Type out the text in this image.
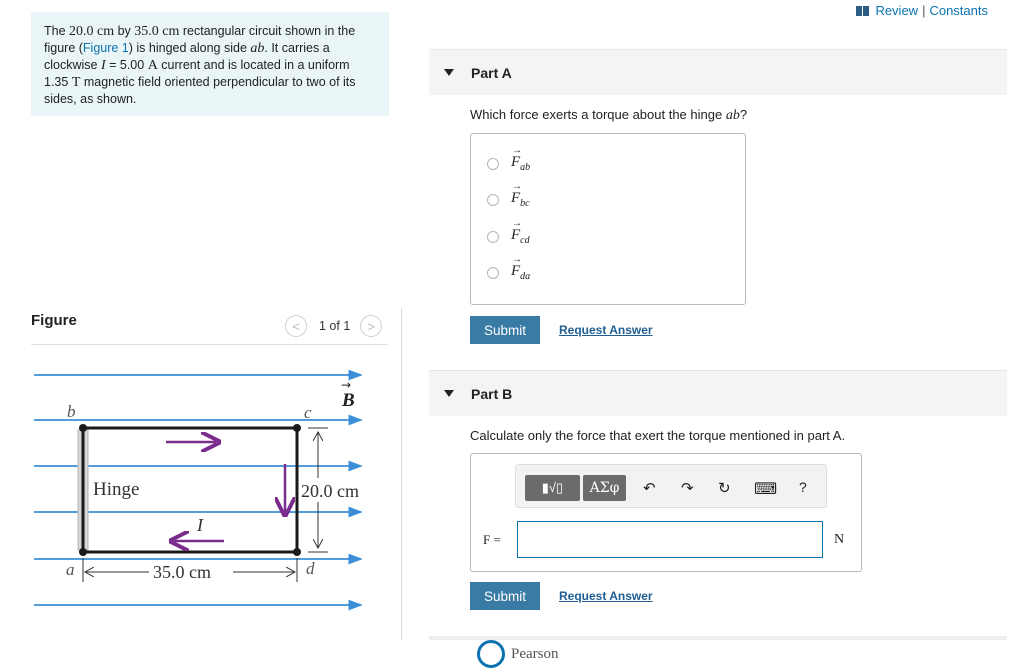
The 20.0 cm by 35.0 cm rectangular circuit shown in the figure (Figure 1) is hinged along side ab. It carries a clockwise I = 5.00 A current and is located in a uniform 1.35 T magnetic field oriented perpendicular to two of its sides, as shown.
Figure	< 1 of 1 >
b	c
a	d
B
→
Hinge
I
20.0 cm
35.0 cm
Review | Constants
Part A
Which force exerts a torque about the hinge ab?
→
$F_{ab}$
→
$F_{bc}$
→
$F_{cd}$
→
$F_{da}$
Submit	Request Answer
Part B
Calculate only the force that exert the torque mentioned in part A.
▮√▯	ΑΣφ	↶ ↷ ↻ ⌨ ?
F =	N
Submit	Request Answer
Pearson
